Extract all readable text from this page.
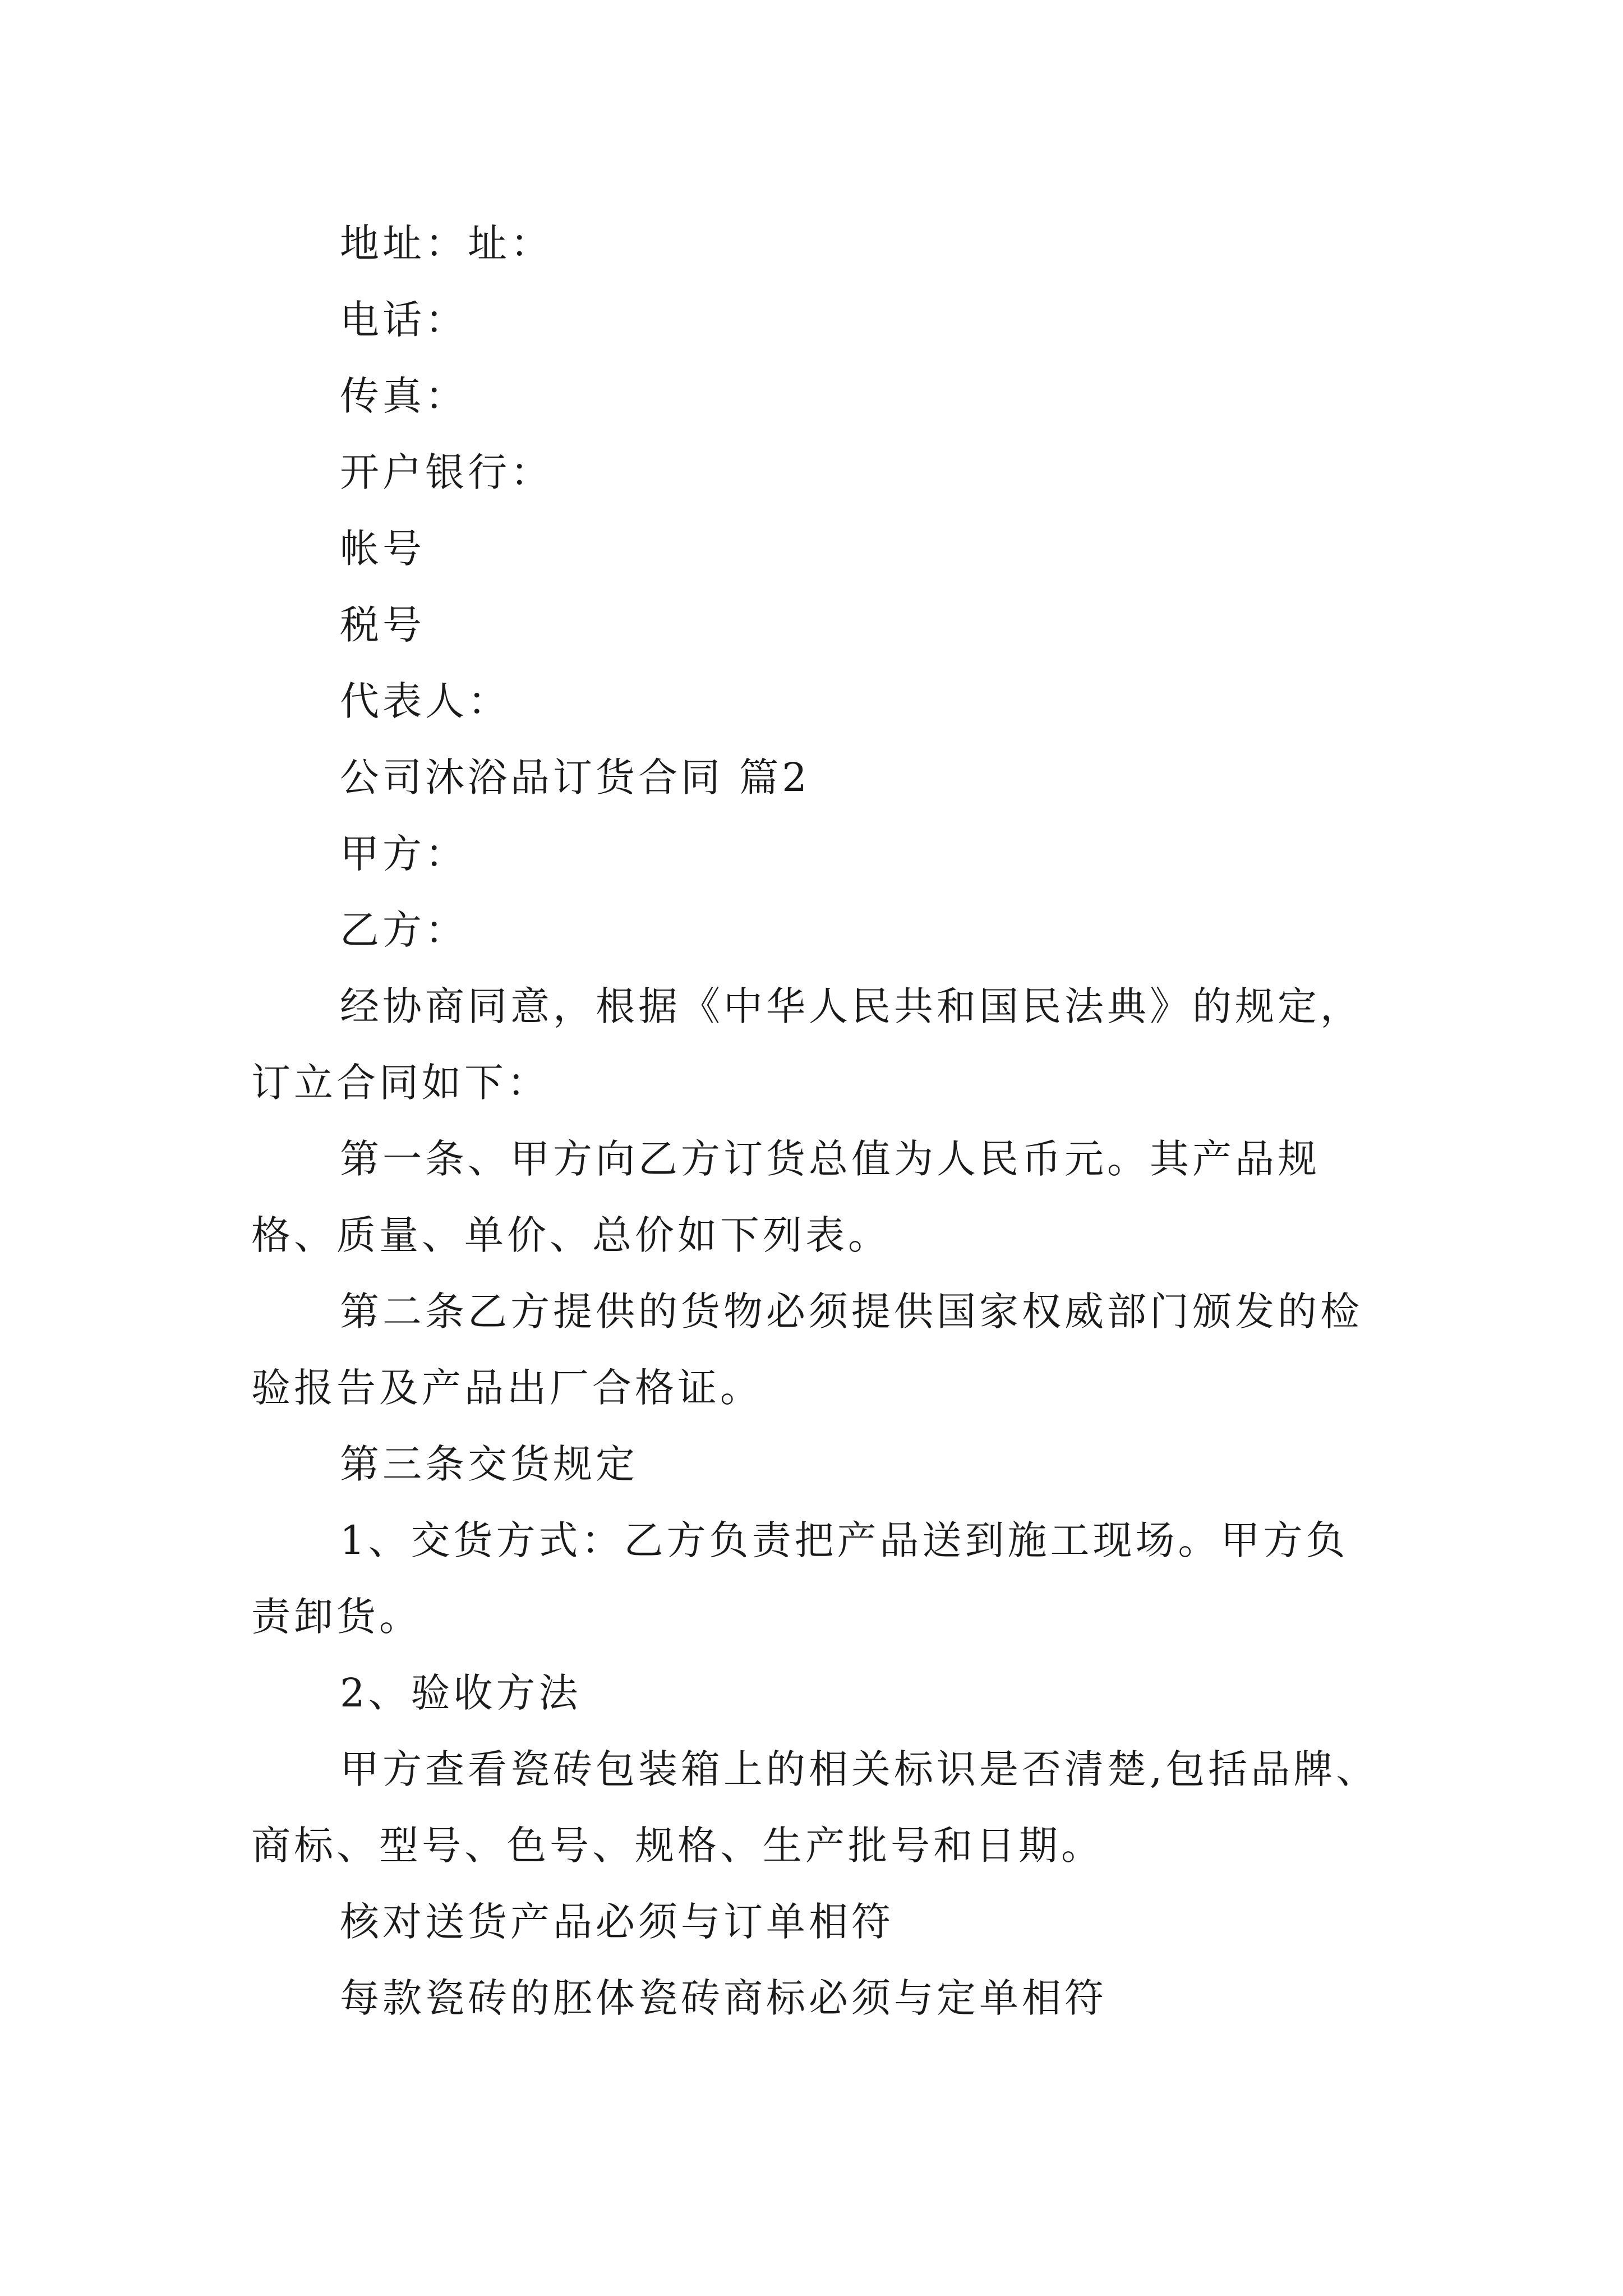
地址：址：
电话：
传真：
开户银行：
帐号
税号
代表人：
公司沐浴品订货合同 篇2
甲方：
乙方：
经协商同意，根据《中华人民共和国民法典》的规定，订立合同如下：
第一条、甲方向乙方订货总值为人民币元。其产品规格、质量、单价、总价如下列表。
第二条乙方提供的货物必须提供国家权威部门颁发的检验报告及产品出厂合格证。
第三条交货规定
1、交货方式：乙方负责把产品送到施工现场。甲方负责卸货。
2、验收方法
甲方查看瓷砖包装箱上的相关标识是否清楚,包括品牌、商标、型号、色号、规格、生产批号和日期。
核对送货产品必须与订单相符
每款瓷砖的胚体瓷砖商标必须与定单相符
